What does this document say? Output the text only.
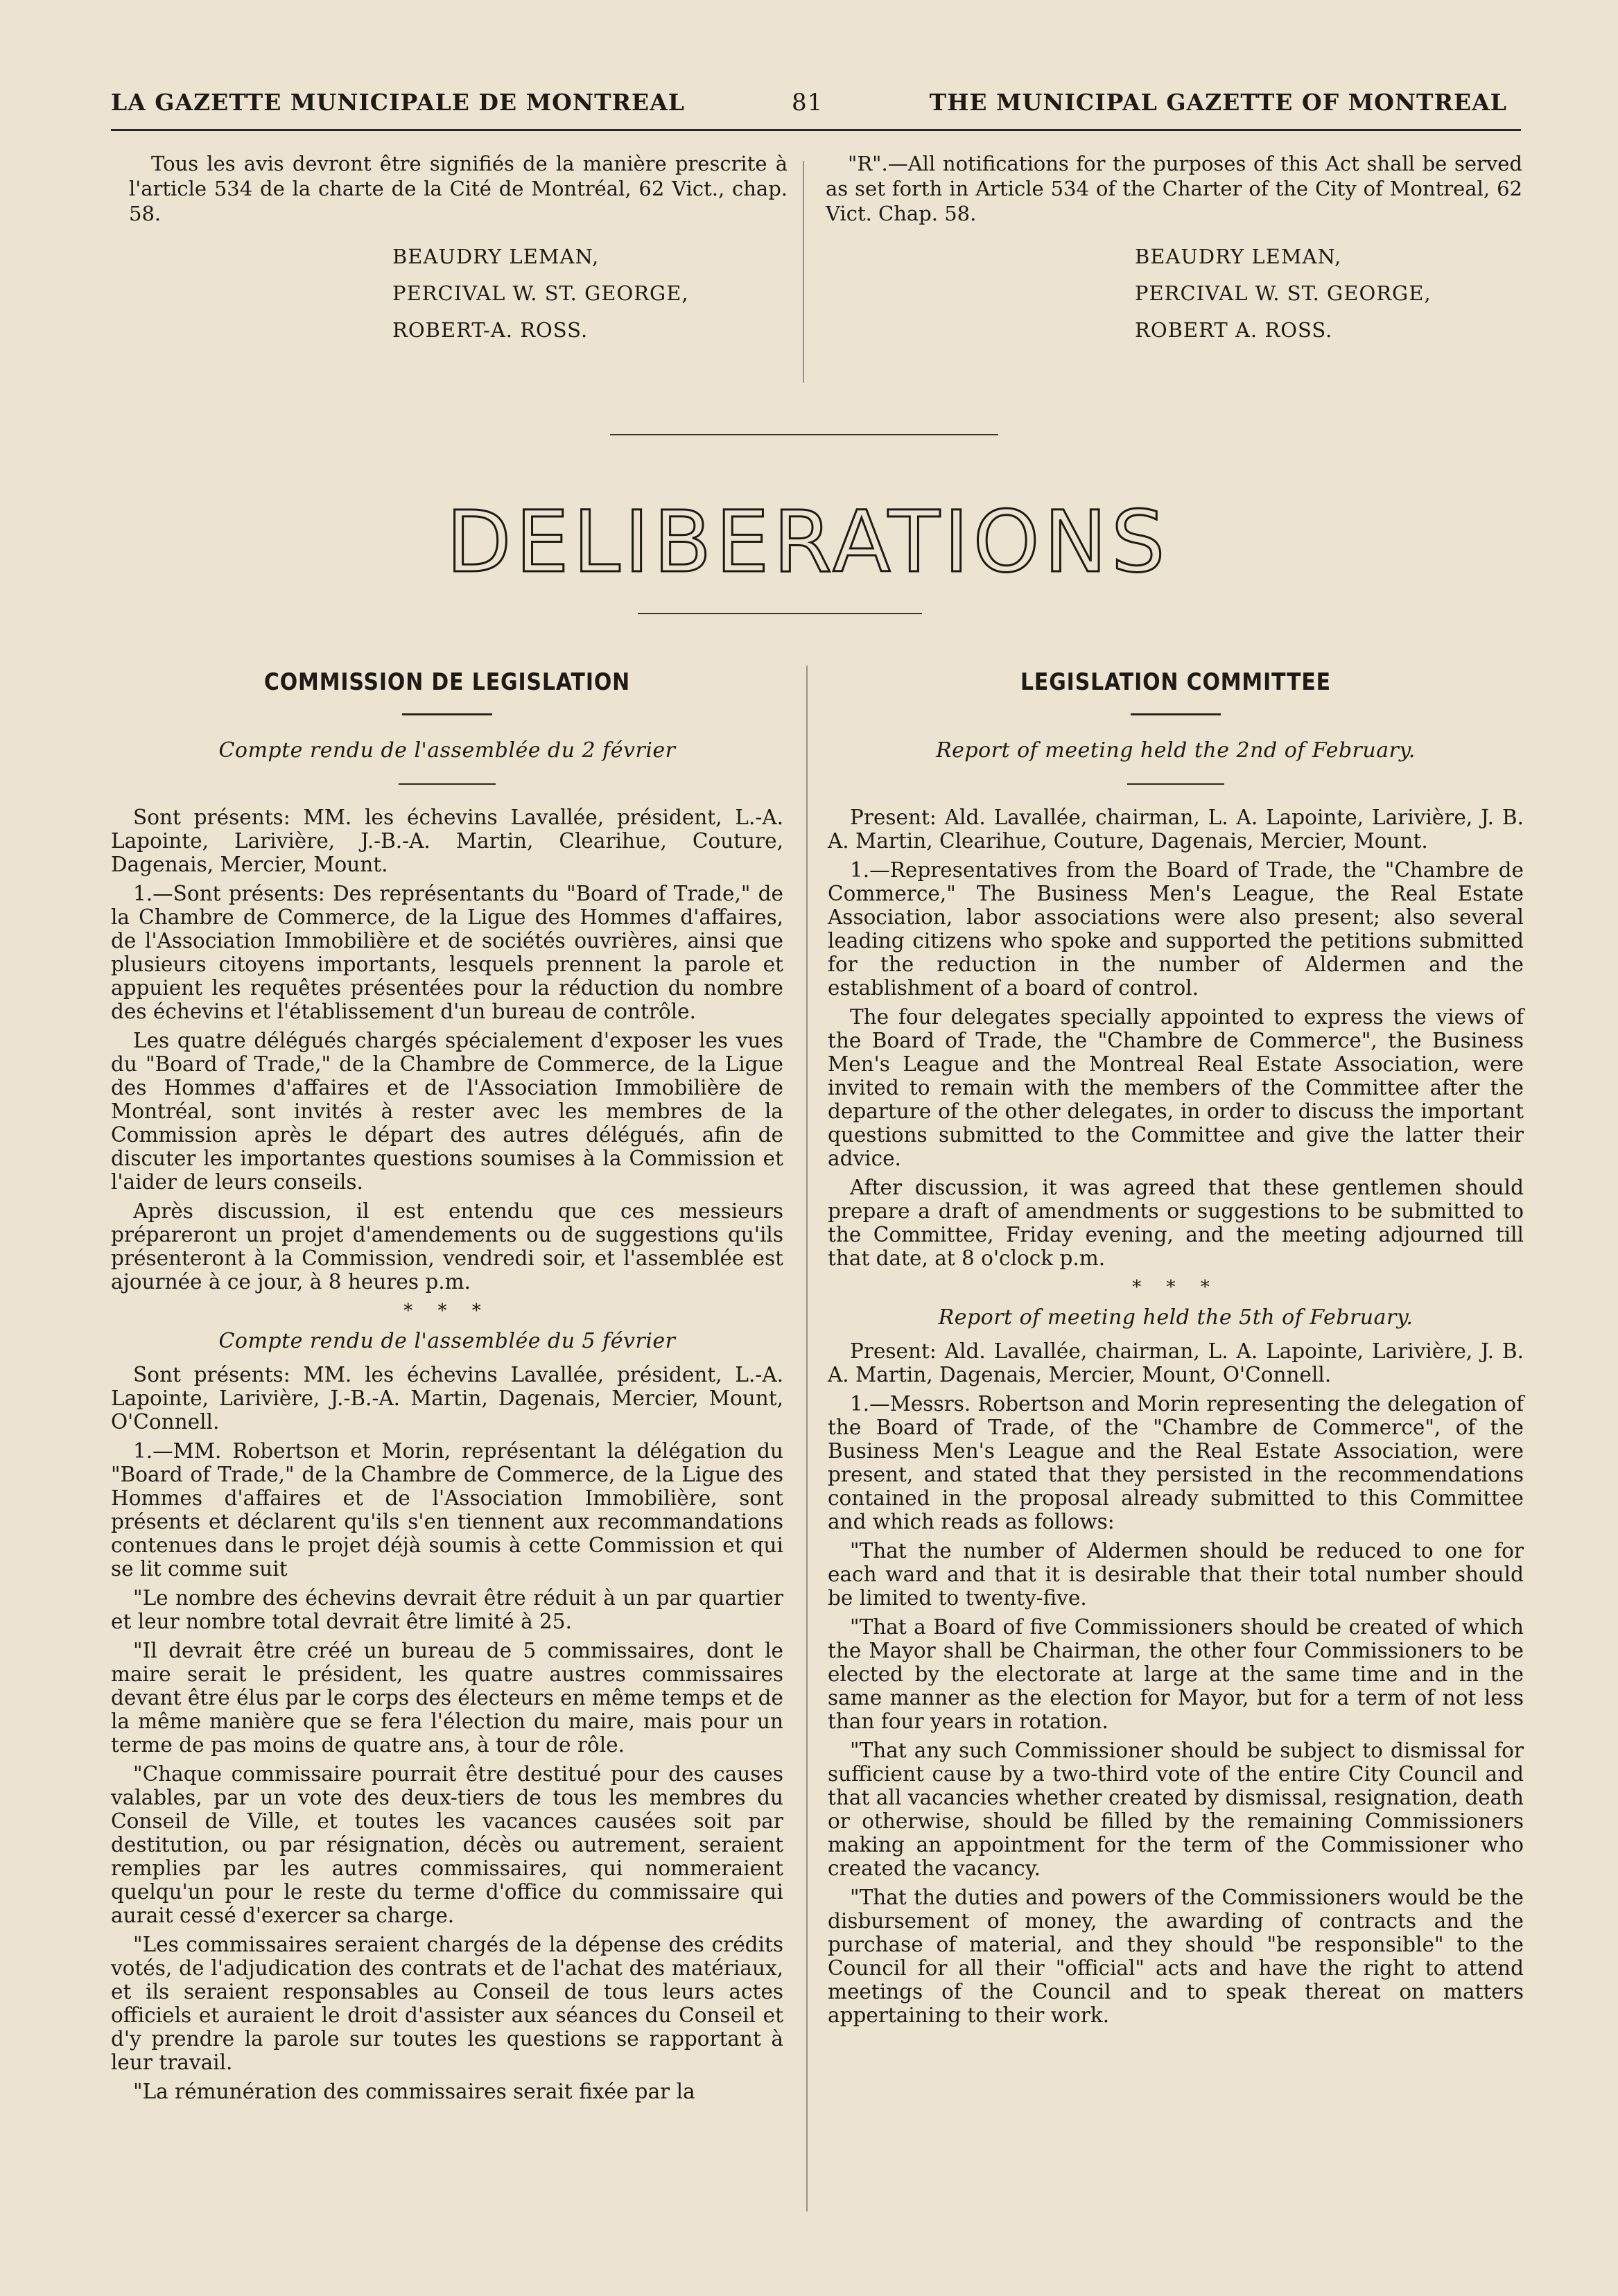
LA GAZETTE MUNICIPALE DE MONTREAL	81	THE MUNICIPAL GAZETTE OF MONTREAL

Tous les avis devront être signifiés de la manière prescrite à l'article 534 de la charte de la Cité de Montréal, 62 Vict., chap. 58.

BEAUDRY LEMAN,
PERCIVAL W. ST. GEORGE,
ROBERT-A. ROSS.

"R".—All notifications for the purposes of this Act shall be served as set forth in Article 534 of the Charter of the City of Montreal, 62 Vict. Chap. 58.

BEAUDRY LEMAN,
PERCIVAL W. ST. GEORGE,
ROBERT A. ROSS.
DELIBERATIONS
COMMISSION DE LEGISLATION
Compte rendu de l'assemblée du 2 février

Sont présents: MM. les échevins Lavallée, président, L.-A. Lapointe, Larivière, J.-B.-A. Martin, Clearihue, Couture, Dagenais, Mercier, Mount.

1.—Sont présents: Des représentants du "Board of Trade," de la Chambre de Commerce, de la Ligue des Hommes d'affaires, de l'Association Immobilière et de sociétés ouvrières, ainsi que plusieurs citoyens importants, lesquels prennent la parole et appuient les requêtes présentées pour la réduction du nombre des échevins et l'établissement d'un bureau de contrôle.

Les quatre délégués chargés spécialement d'exposer les vues du "Board of Trade," de la Chambre de Commerce, de la Ligue des Hommes d'affaires et de l'Association Immobilière de Montréal, sont invités à rester avec les membres de la Commission après le départ des autres délégués, afin de discuter les importantes questions soumises à la Commission et l'aider de leurs conseils.

Après discussion, il est entendu que ces messieurs prépareront un projet d'amendements ou de suggestions qu'ils présenteront à la Commission, vendredi soir, et l'assemblée est ajournée à ce jour, à 8 heures p.m.

* * *
Compte rendu de l'assemblée du 5 février

Sont présents: MM. les échevins Lavallée, président, L.-A. Lapointe, Larivière, J.-B.-A. Martin, Dagenais, Mercier, Mount, O'Connell.

1.—MM. Robertson et Morin, représentant la délégation du "Board of Trade," de la Chambre de Commerce, de la Ligue des Hommes d'affaires et de l'Association Immobilière, sont présents et déclarent qu'ils s'en tiennent aux recommandations contenues dans le projet déjà soumis à cette Commission et qui se lit comme suit

"Le nombre des échevins devrait être réduit à un par quartier et leur nombre total devrait être limité à 25.

"Il devrait être créé un bureau de 5 commissaires, dont le maire serait le président, les quatre austres commissaires devant être élus par le corps des électeurs en même temps et de la même manière que se fera l'élection du maire, mais pour un terme de pas moins de quatre ans, à tour de rôle.

"Chaque commissaire pourrait être destitué pour des causes valables, par un vote des deux-tiers de tous les membres du Conseil de Ville, et toutes les vacances causées soit par destitution, ou par résignation, décès ou autrement, seraient remplies par les autres commissaires, qui nommeraient quelqu'un pour le reste du terme d'office du commissaire qui aurait cessé d'exercer sa charge.

"Les commissaires seraient chargés de la dépense des crédits votés, de l'adjudication des contrats et de l'achat des matériaux, et ils seraient responsables au Conseil de tous leurs actes officiels et auraient le droit d'assister aux séances du Conseil et d'y prendre la parole sur toutes les questions se rapportant à leur travail.

"La rémunération des commissaires serait fixée par la

LEGISLATION COMMITTEE
Report of meeting held the 2nd of February.

Present: Ald. Lavallée, chairman, L. A. Lapointe, Larivière, J. B. A. Martin, Clearihue, Couture, Dagenais, Mercier, Mount.

1.—Representatives from the Board of Trade, the "Chambre de Commerce," The Business Men's League, the Real Estate Association, labor associations were also present; also several leading citizens who spoke and supported the petitions submitted for the reduction in the number of Aldermen and the establishment of a board of control.

The four delegates specially appointed to express the views of the Board of Trade, the "Chambre de Commerce", the Business Men's League and the Montreal Real Estate Association, were invited to remain with the members of the Committee after the departure of the other delegates, in order to discuss the important questions submitted to the Committee and give the latter their advice.

After discussion, it was agreed that these gentlemen should prepare a draft of amendments or suggestions to be submitted to the Committee, Friday evening, and the meeting adjourned till that date, at 8 o'clock p.m.

* * *
Report of meeting held the 5th of February.

Present: Ald. Lavallée, chairman, L. A. Lapointe, Larivière, J. B. A. Martin, Dagenais, Mercier, Mount, O'Connell.

1.—Messrs. Robertson and Morin representing the delegation of the Board of Trade, of the "Chambre de Commerce", of the Business Men's League and the Real Estate Association, were present, and stated that they persisted in the recommendations contained in the proposal already submitted to this Committee and which reads as follows:

"That the number of Aldermen should be reduced to one for each ward and that it is desirable that their total number should be limited to twenty-five.

"That a Board of five Commissioners should be created of which the Mayor shall be Chairman, the other four Commissioners to be elected by the electorate at large at the same time and in the same manner as the election for Mayor, but for a term of not less than four years in rotation.

"That any such Commissioner should be subject to dismissal for sufficient cause by a two-third vote of the entire City Council and that all vacancies whether created by dismissal, resignation, death or otherwise, should be filled by the remaining Commissioners making an appointment for the term of the Commissioner who created the vacancy.

"That the duties and powers of the Commissioners would be the disbursement of money, the awarding of contracts and the purchase of material, and they should "be responsible" to the Council for all their "official" acts and have the right to attend meetings of the Council and to speak thereat on matters appertaining to their work.
